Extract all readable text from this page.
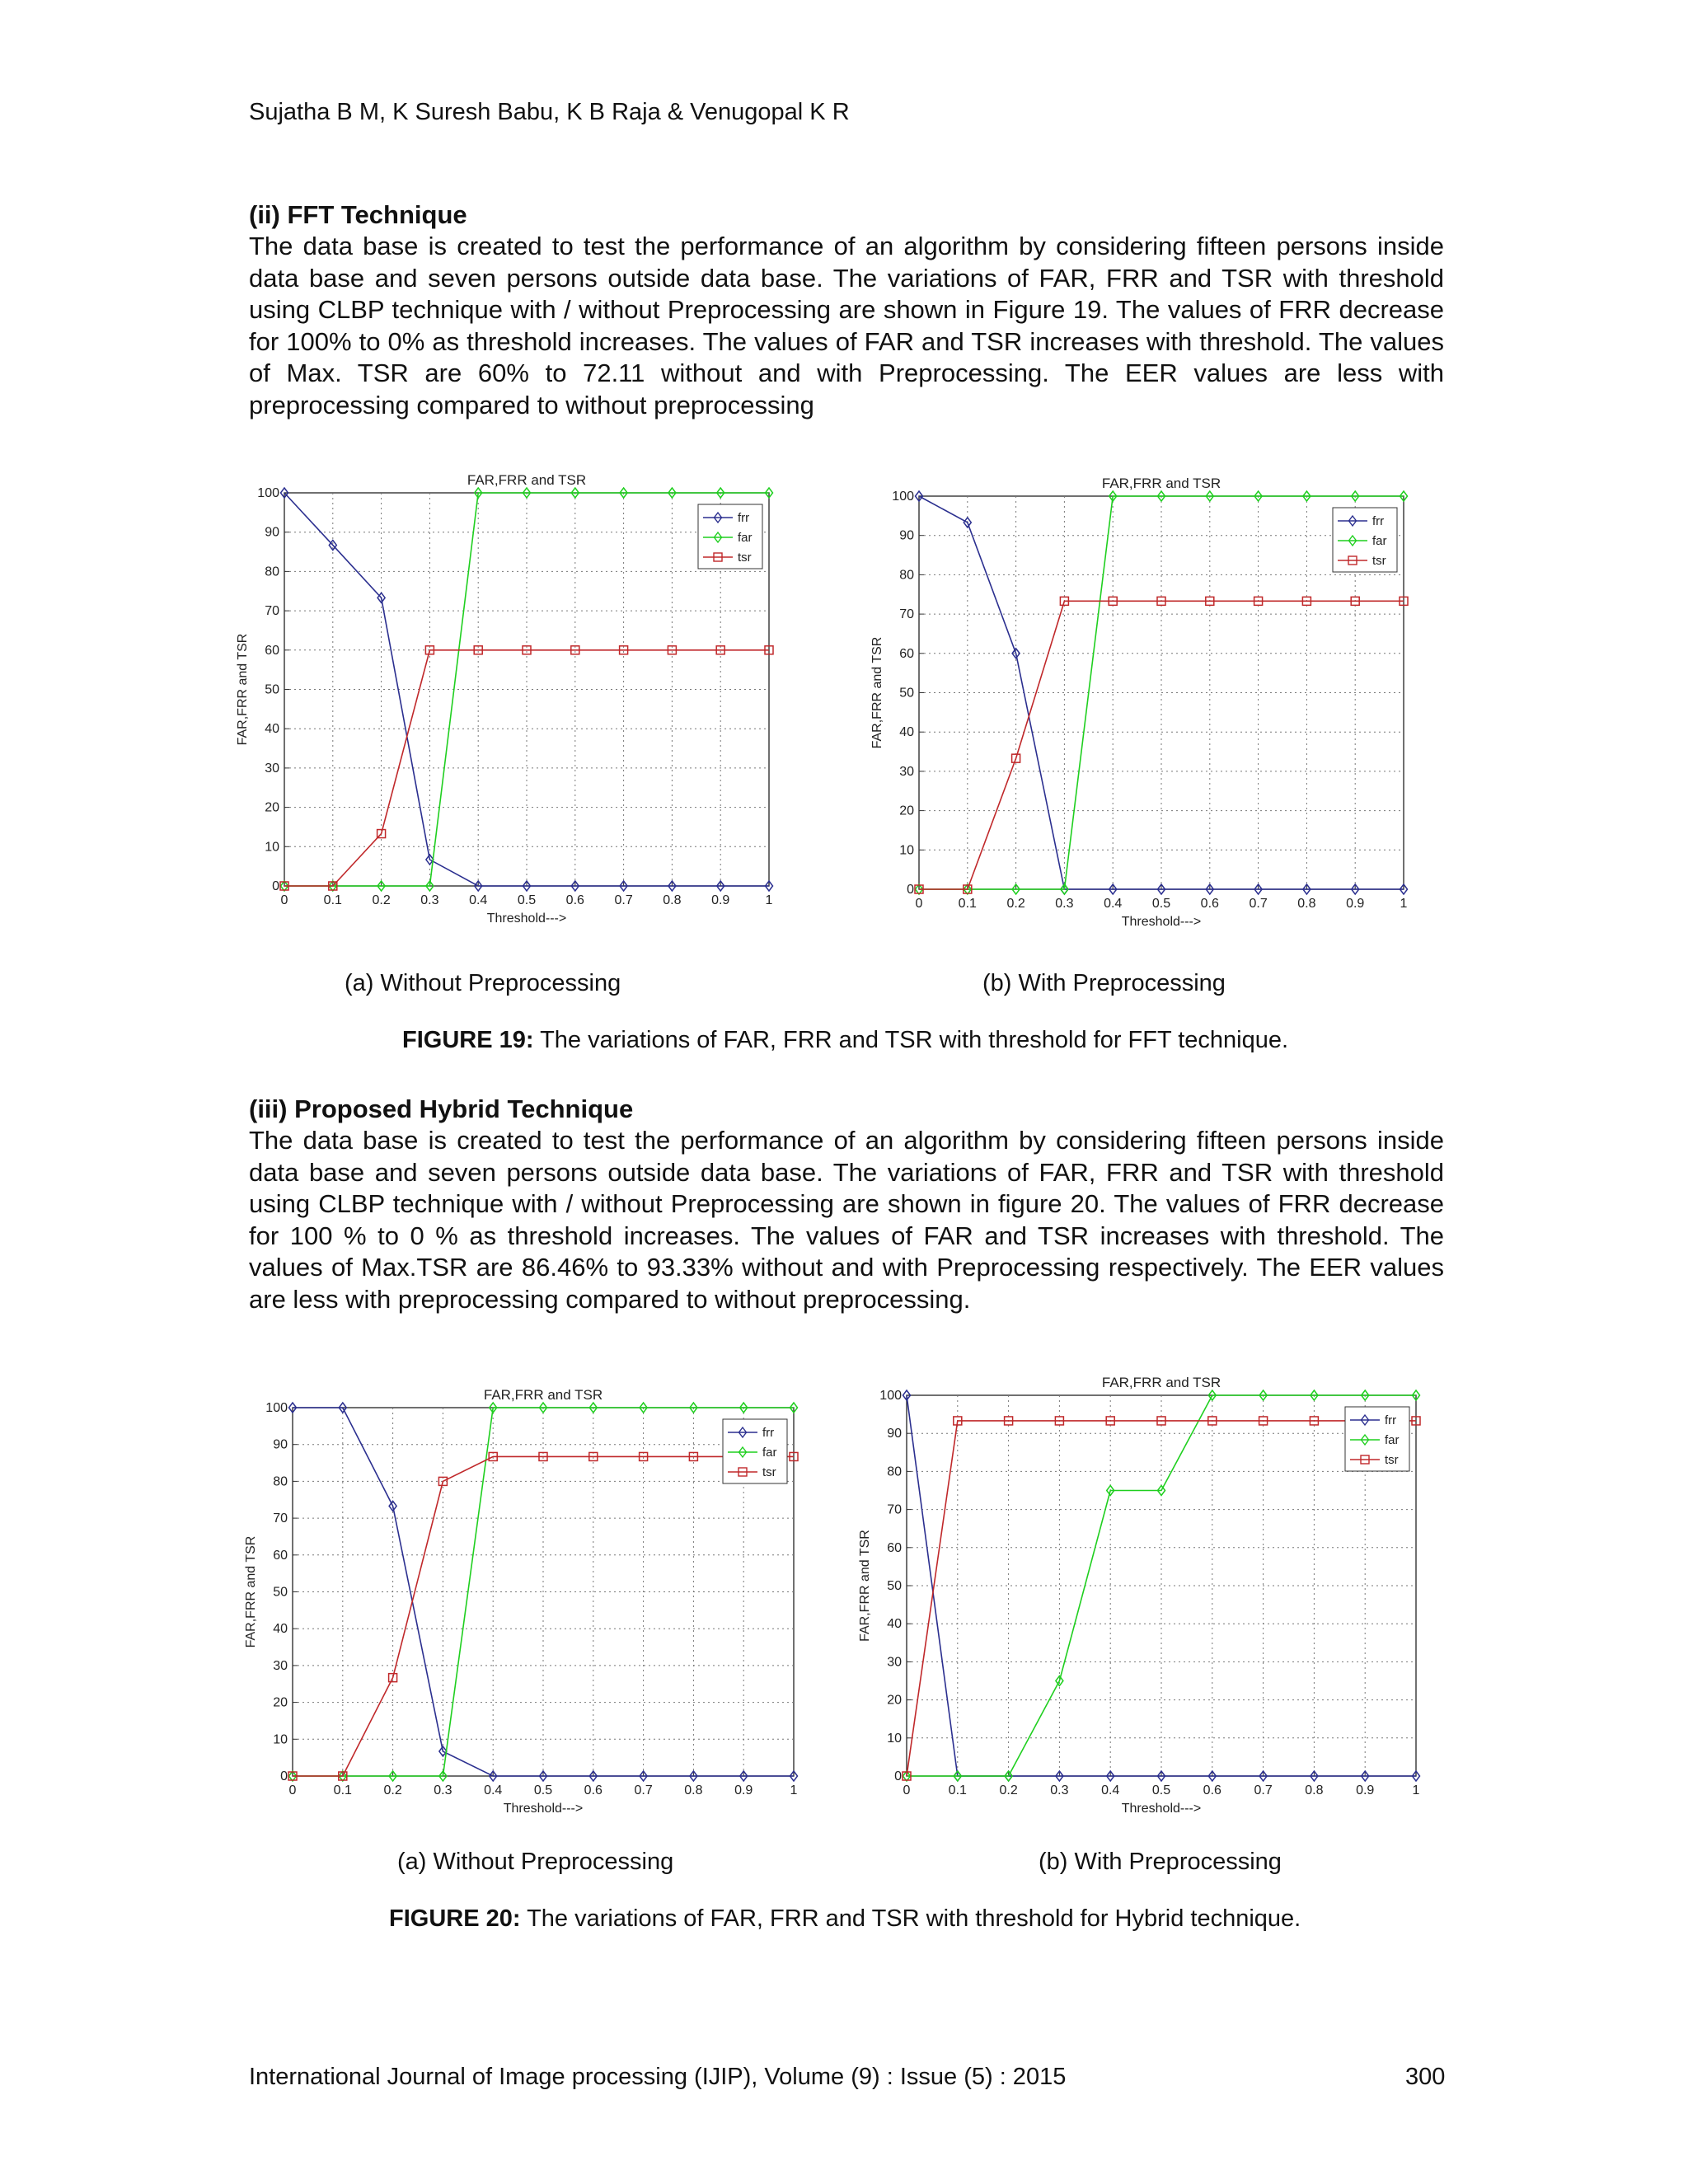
Sujatha B M, K Suresh Babu, K B Raja & Venugopal K R
(ii) FFT Technique

The data base is created to test the performance of an algorithm by considering fifteen persons inside data base and seven persons outside data base. The variations of FAR, FRR and TSR with threshold using CLBP technique with / without Preprocessing are shown in Figure 19. The values of FRR decrease for 100% to 0% as threshold increases. The values of FAR and TSR increases with threshold. The values of Max. TSR are 60% to 72.11 without and with Preprocessing. The EER values are less with preprocessing compared to without preprocessing

0	0.1 0.2 0.3 0.4 0.5 0.6 0.7 0.8 0.9	1
0
10
20
30
40
50
60
70
80
90
100
FAR,FRR and TSR
Threshold--->
FAR,FRR and TSR
frr
far
tsr
0	0.1 0.2 0.3 0.4 0.5 0.6 0.7 0.8 0.9	1
0
10
20
30
40
50
60
70
80
90
100
FAR,FRR and TSR
Threshold--->
FAR,FRR and TSR
frr
far
tsr
(a) Without Preprocessing	(b) With Preprocessing
FIGURE 19: The variations of FAR, FRR and TSR with threshold for FFT technique.
(iii) Proposed Hybrid Technique

The data base is created to test the performance of an algorithm by considering fifteen persons inside data base and seven persons outside data base. The variations of FAR, FRR and TSR with threshold using CLBP technique with / without Preprocessing are shown in figure 20. The values of FRR decrease for 100 % to 0 % as threshold increases. The values of FAR and TSR increases with threshold. The values of Max.TSR are 86.46% to 93.33% without and with Preprocessing respectively. The EER values are less with preprocessing compared to without preprocessing.

0	0.1 0.2 0.3 0.4 0.5 0.6 0.7 0.8 0.9	1
0
10
20
30
40
50
60
70
80
90
100
FAR,FRR and TSR
Threshold--->
FAR,FRR and TSR
frr
far
tsr
0	0.1 0.2 0.3 0.4 0.5 0.6 0.7 0.8 0.9	1
0
10
20
30
40
50
60
70
80
90
100
FAR,FRR and TSR
Threshold--->
FAR,FRR and TSR
frr
far
tsr
(a) Without Preprocessing	(b) With Preprocessing
FIGURE 20: The variations of FAR, FRR and TSR with threshold for Hybrid technique.
International Journal of Image processing (IJIP), Volume (9) : Issue (5) : 2015	300
